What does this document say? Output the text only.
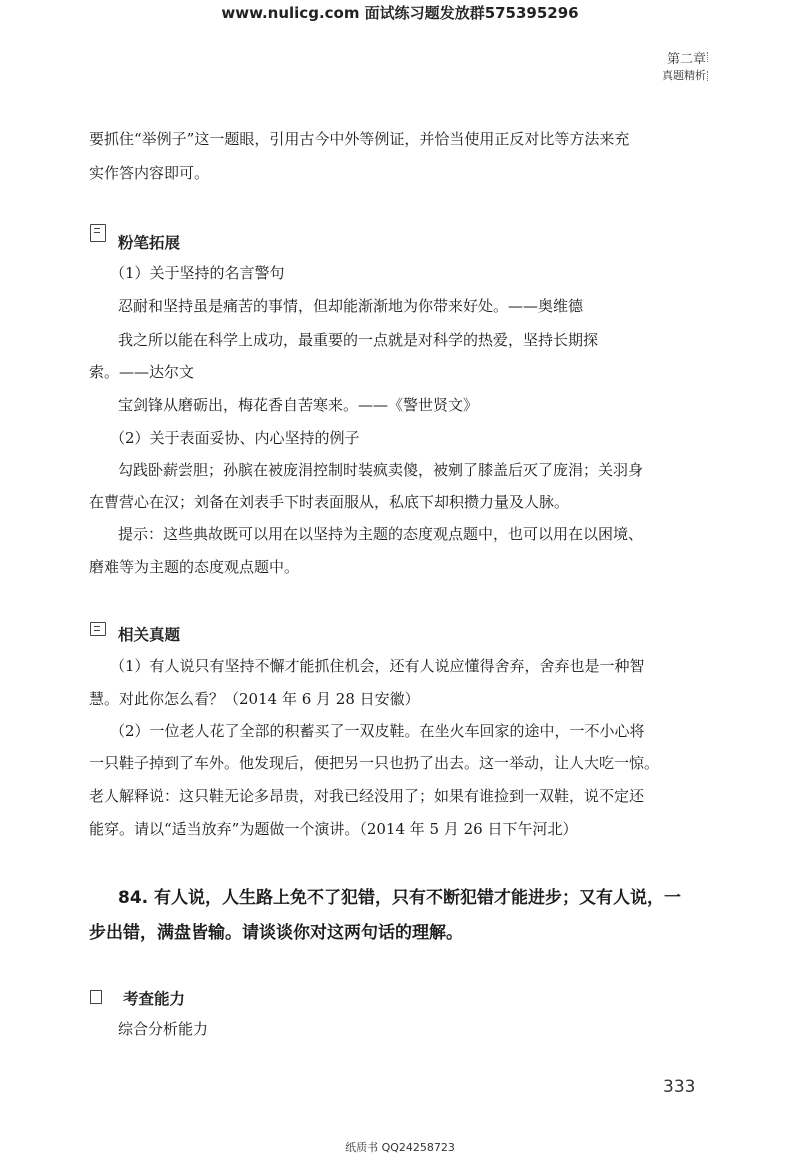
www.nulicg.com 面试练习题发放群575395296
第二章
真题精析
要抓住“举例子”这一题眼，引用古今中外等例证，并恰当使用正反对比等方法来充
实作答内容即可。
粉笔拓展
（1）关于坚持的名言警句
忍耐和坚持虽是痛苦的事情，但却能渐渐地为你带来好处。——奥维德
我之所以能在科学上成功，最重要的一点就是对科学的热爱，坚持长期探
索。——达尔文
宝剑锋从磨砺出，梅花香自苦寒来。——《警世贤文》
（2）关于表面妥协、内心坚持的例子
勾践卧薪尝胆；孙膑在被庞涓控制时装疯卖傻，被剜了膝盖后灭了庞涓；关羽身
在曹营心在汉；刘备在刘表手下时表面服从，私底下却积攒力量及人脉。
提示：这些典故既可以用在以坚持为主题的态度观点题中，也可以用在以困境、
磨难等为主题的态度观点题中。
相关真题
（1）有人说只有坚持不懈才能抓住机会，还有人说应懂得舍弃，舍弃也是一种智
慧。对此你怎么看？（2014 年 6 月 28 日安徽）
（2）一位老人花了全部的积蓄买了一双皮鞋。在坐火车回家的途中，一不小心将
一只鞋子掉到了车外。他发现后，便把另一只也扔了出去。这一举动，让人大吃一惊。
老人解释说：这只鞋无论多昂贵，对我已经没用了；如果有谁捡到一双鞋，说不定还
能穿。请以“适当放弃”为题做一个演讲。（2014 年 5 月 26 日下午河北）
84. 有人说，人生路上免不了犯错，只有不断犯错才能进步；又有人说，一
步出错，满盘皆输。请谈谈你对这两句话的理解。
考查能力
综合分析能力
333
纸质书 QQ24258723
